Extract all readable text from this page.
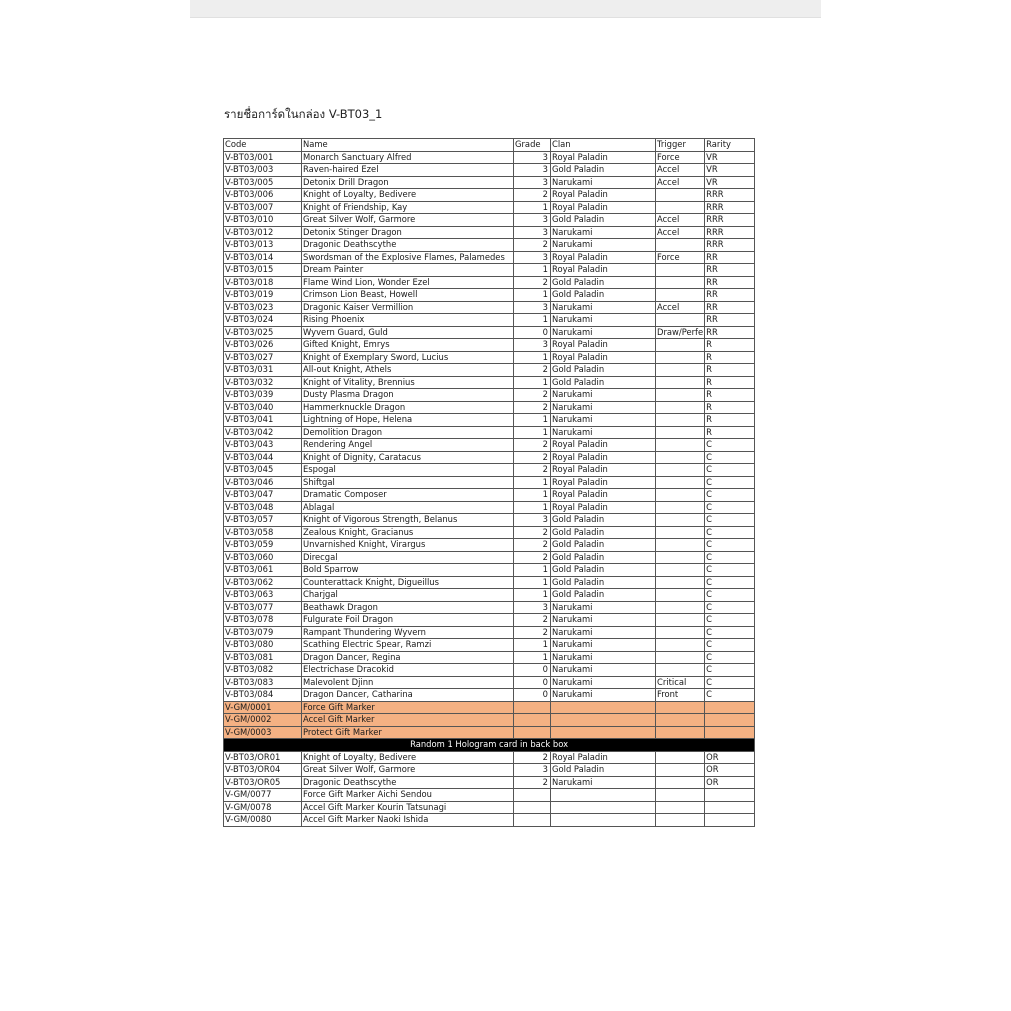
รายชื่อการ์ดในกล่อง V-BT03_1
Code	Name	Grade	Clan	Trigger	Rarity
V-BT03/001	Monarch Sanctuary Alfred	3	Royal Paladin	Force	VR
V-BT03/003	Raven-haired Ezel	3	Gold Paladin	Accel	VR
V-BT03/005	Detonix Drill Dragon	3	Narukami	Accel	VR
V-BT03/006	Knight of Loyalty, Bedivere	2	Royal Paladin		RRR
V-BT03/007	Knight of Friendship, Kay	1	Royal Paladin		RRR
V-BT03/010	Great Silver Wolf, Garmore	3	Gold Paladin	Accel	RRR
V-BT03/012	Detonix Stinger Dragon	3	Narukami	Accel	RRR
V-BT03/013	Dragonic Deathscythe	2	Narukami		RRR
V-BT03/014	Swordsman of the Explosive Flames, Palamedes	3	Royal Paladin	Force	RR
V-BT03/015	Dream Painter	1	Royal Paladin		RR
V-BT03/018	Flame Wind Lion, Wonder Ezel	2	Gold Paladin		RR
V-BT03/019	Crimson Lion Beast, Howell	1	Gold Paladin		RR
V-BT03/023	Dragonic Kaiser Vermillion	3	Narukami	Accel	RR
V-BT03/024	Rising Phoenix	1	Narukami		RR
V-BT03/025	Wyvern Guard, Guld	0	Narukami	Draw/Perfe	RR
V-BT03/026	Gifted Knight, Emrys	3	Royal Paladin		R
V-BT03/027	Knight of Exemplary Sword, Lucius	1	Royal Paladin		R
V-BT03/031	All-out Knight, Athels	2	Gold Paladin		R
V-BT03/032	Knight of Vitality, Brennius	1	Gold Paladin		R
V-BT03/039	Dusty Plasma Dragon	2	Narukami		R
V-BT03/040	Hammerknuckle Dragon	2	Narukami		R
V-BT03/041	Lightning of Hope, Helena	1	Narukami		R
V-BT03/042	Demolition Dragon	1	Narukami		R
V-BT03/043	Rendering Angel	2	Royal Paladin		C
V-BT03/044	Knight of Dignity, Caratacus	2	Royal Paladin		C
V-BT03/045	Espogal	2	Royal Paladin		C
V-BT03/046	Shiftgal	1	Royal Paladin		C
V-BT03/047	Dramatic Composer	1	Royal Paladin		C
V-BT03/048	Ablagal	1	Royal Paladin		C
V-BT03/057	Knight of Vigorous Strength, Belanus	3	Gold Paladin		C
V-BT03/058	Zealous Knight, Gracianus	2	Gold Paladin		C
V-BT03/059	Unvarnished Knight, Virargus	2	Gold Paladin		C
V-BT03/060	Direcgal	2	Gold Paladin		C
V-BT03/061	Bold Sparrow	1	Gold Paladin		C
V-BT03/062	Counterattack Knight, Digueillus	1	Gold Paladin		C
V-BT03/063	Charjgal	1	Gold Paladin		C
V-BT03/077	Beathawk Dragon	3	Narukami		C
V-BT03/078	Fulgurate Foil Dragon	2	Narukami		C
V-BT03/079	Rampant Thundering Wyvern	2	Narukami		C
V-BT03/080	Scathing Electric Spear, Ramzi	1	Narukami		C
V-BT03/081	Dragon Dancer, Regina	1	Narukami		C
V-BT03/082	Electrichase Dracokid	0	Narukami		C
V-BT03/083	Malevolent Djinn	0	Narukami	Critical	C
V-BT03/084	Dragon Dancer, Catharina	0	Narukami	Front	C
V-GM/0001	Force Gift Marker				
V-GM/0002	Accel Gift Marker				
V-GM/0003	Protect Gift Marker				
Random 1 Hologram card in back box					
V-BT03/OR01	Knight of Loyalty, Bedivere	2	Royal Paladin		OR
V-BT03/OR04	Great Silver Wolf, Garmore	3	Gold Paladin		OR
V-BT03/OR05	Dragonic Deathscythe	2	Narukami		OR
V-GM/0077	Force Gift Marker Aichi Sendou				
V-GM/0078	Accel Gift Marker Kourin Tatsunagi				
V-GM/0080	Accel Gift Marker Naoki Ishida				
